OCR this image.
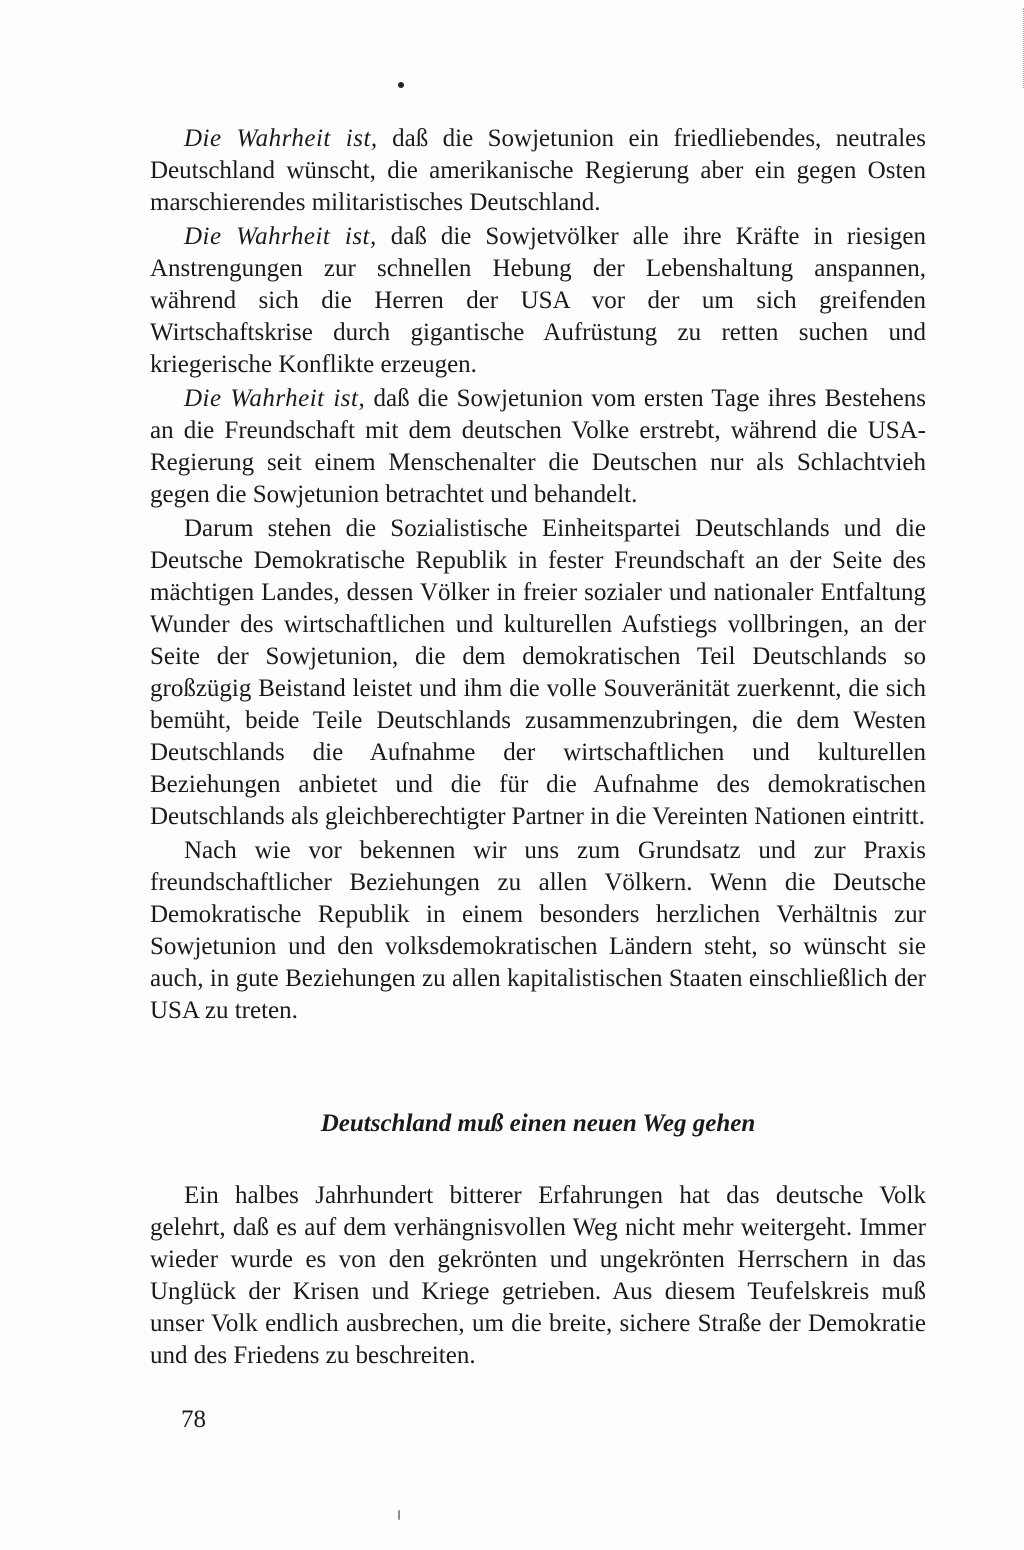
Die Wahrheit ist, daß die Sowjetunion ein friedliebendes, neutrales Deutschland wünscht, die amerikanische Regierung aber ein gegen Osten marschierendes militaristisches Deutschland.

Die Wahrheit ist, daß die Sowjetvölker alle ihre Kräfte in riesigen Anstrengungen zur schnellen Hebung der Lebenshaltung anspannen, während sich die Herren der USA vor der um sich greifenden Wirtschaftskrise durch gigantische Aufrüstung zu retten suchen und kriegerische Konflikte erzeugen.

Die Wahrheit ist, daß die Sowjetunion vom ersten Tage ihres Bestehens an die Freundschaft mit dem deutschen Volke erstrebt, während die USA-Regierung seit einem Menschenalter die Deutschen nur als Schlachtvieh gegen die Sowjetunion betrachtet und behandelt.

Darum stehen die Sozialistische Einheitspartei Deutschlands und die Deutsche Demokratische Republik in fester Freundschaft an der Seite des mächtigen Landes, dessen Völker in freier sozialer und nationaler Entfaltung Wunder des wirtschaftlichen und kulturellen Aufstiegs vollbringen, an der Seite der Sowjetunion, die dem demokratischen Teil Deutschlands so großzügig Beistand leistet und ihm die volle Souveränität zuerkennt, die sich bemüht, beide Teile Deutschlands zusammenzubringen, die dem Westen Deutschlands die Aufnahme der wirtschaftlichen und kulturellen Beziehungen anbietet und die für die Aufnahme des demokratischen Deutschlands als gleichberechtigter Partner in die Vereinten Nationen eintritt.

Nach wie vor bekennen wir uns zum Grundsatz und zur Praxis freundschaftlicher Beziehungen zu allen Völkern. Wenn die Deutsche Demokratische Republik in einem besonders herzlichen Verhältnis zur Sowjetunion und den volksdemokratischen Ländern steht, so wünscht sie auch, in gute Beziehungen zu allen kapitalistischen Staaten einschließlich der USA zu treten.

Deutschland muß einen neuen Weg gehen

Ein halbes Jahrhundert bitterer Erfahrungen hat das deutsche Volk gelehrt, daß es auf dem verhängnisvollen Weg nicht mehr weitergeht. Immer wieder wurde es von den gekrönten und ungekrönten Herrschern in das Unglück der Krisen und Kriege getrieben. Aus diesem Teufelskreis muß unser Volk endlich ausbrechen, um die breite, sichere Straße der Demokratie und des Friedens zu beschreiten.

78
